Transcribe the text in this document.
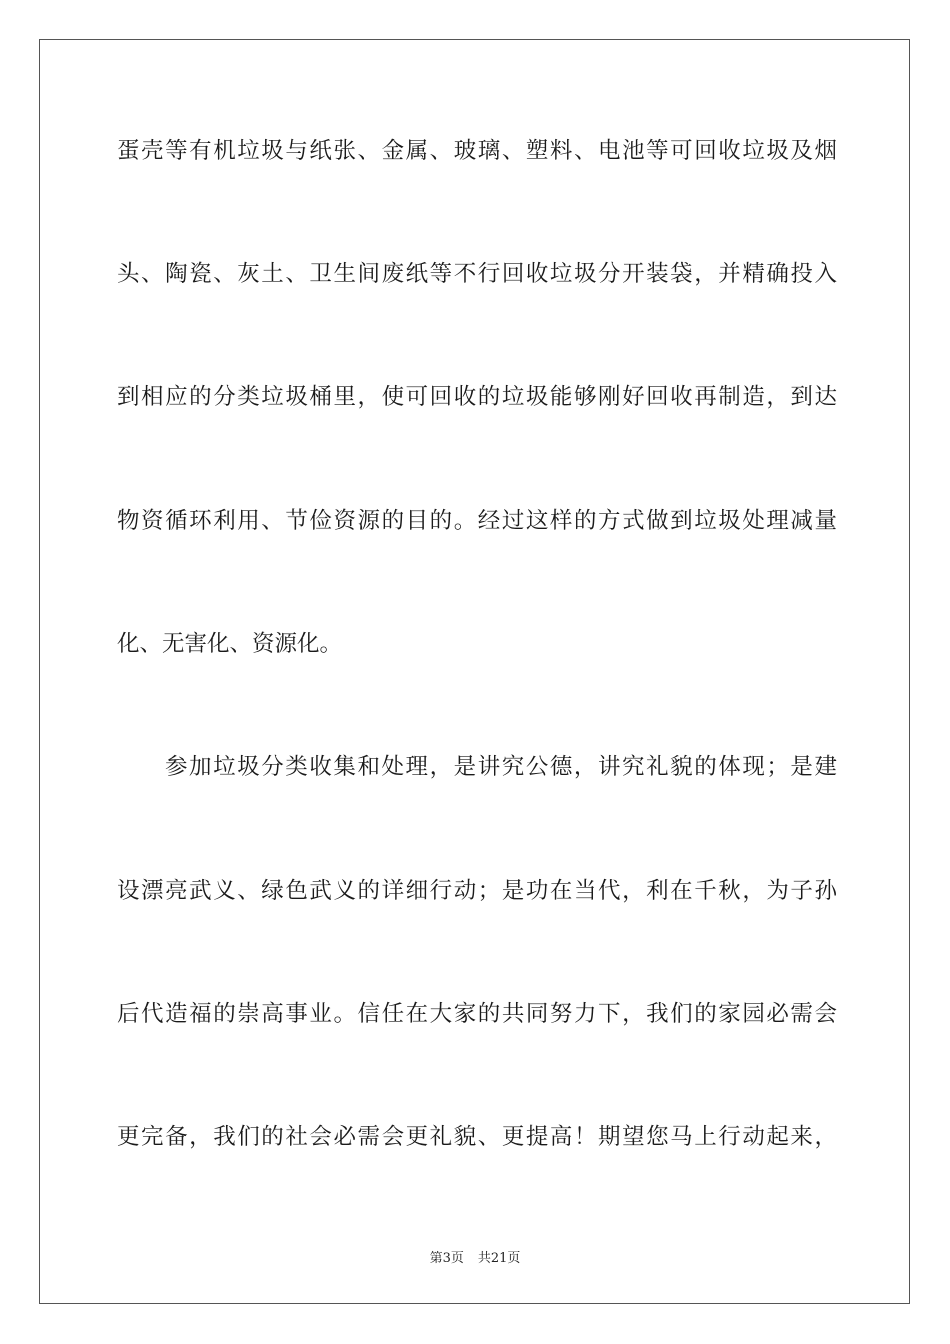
蛋壳等有机垃圾与纸张、金属、玻璃、塑料、电池等可回收垃圾及烟
头、陶瓷、灰土、卫生间废纸等不行回收垃圾分开装袋，并精确投入
到相应的分类垃圾桶里，使可回收的垃圾能够刚好回收再制造，到达
物资循环利用、节俭资源的目的。经过这样的方式做到垃圾处理减量
化、无害化、资源化。
参加垃圾分类收集和处理，是讲究公德，讲究礼貌的体现；是建
设漂亮武义、绿色武义的详细行动；是功在当代，利在千秋，为子孙
后代造福的崇高事业。信任在大家的共同努力下，我们的家园必需会
更完备，我们的社会必需会更礼貌、更提高！期望您马上行动起来，
第3页 共21页
